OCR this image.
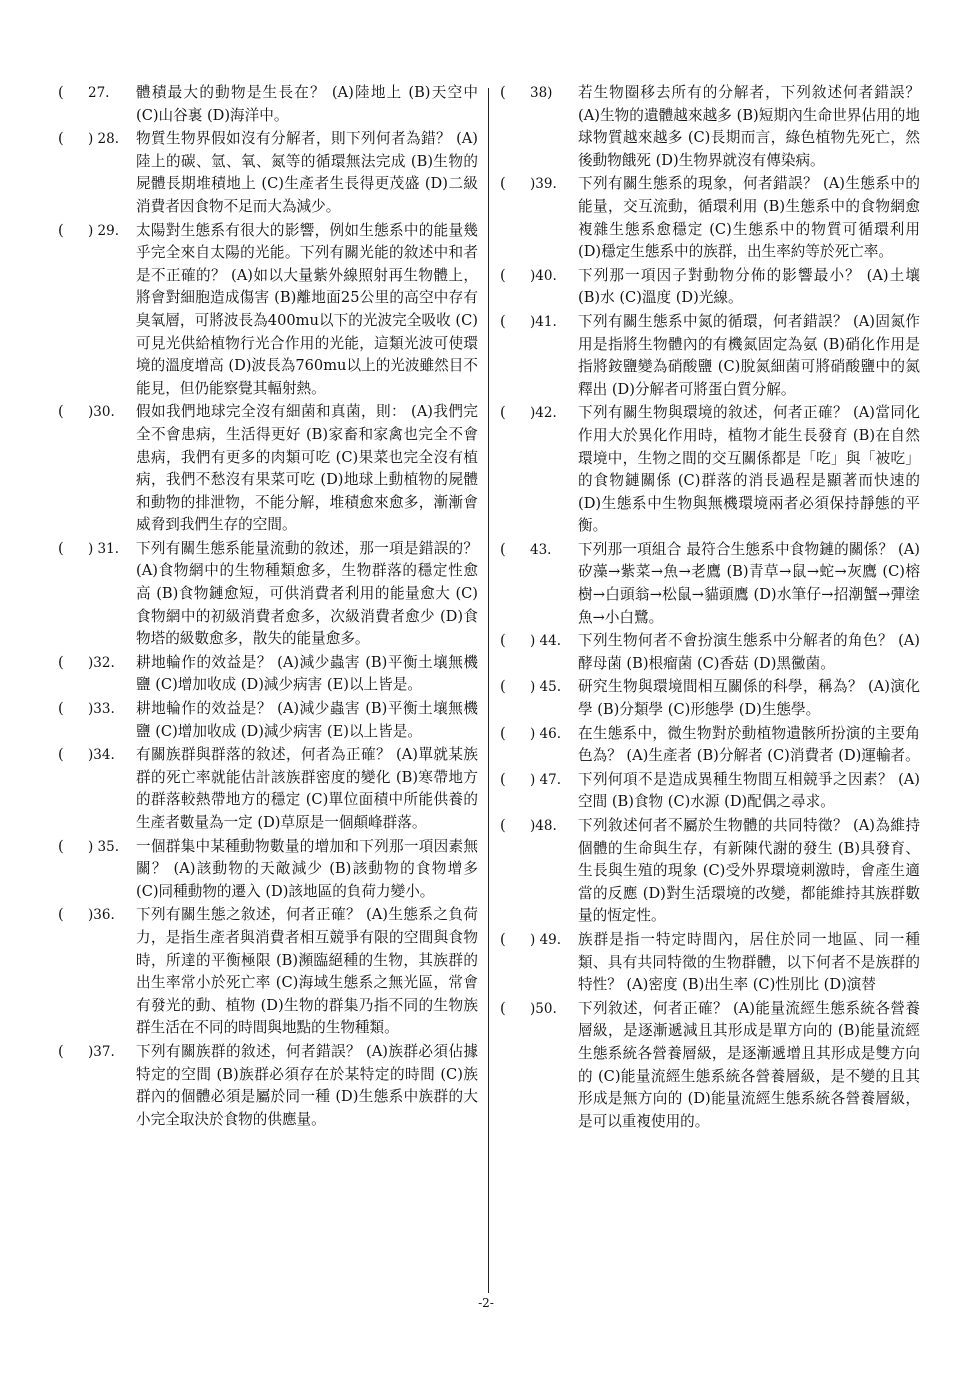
(	27. 體積最大的動物是生長在？ (A)陸地上 (B)天空中 (C)山谷裏 (D)海洋中。
(	) 28. 物質生物界假如沒有分解者，則下列何者為錯？ (A)陸上的碳、氫、氧、氮等的循環無法完成 (B)生物的屍體長期堆積地上 (C)生產者生長得更茂盛 (D)二級消費者因食物不足而大為減少。
(	) 29. 太陽對生態系有很大的影響，例如生態系中的能量幾乎完全來自太陽的光能。下列有關光能的敘述中和者是不正確的？ (A)如以大量紫外線照射再生物體上，將會對細胞造成傷害 (B)離地面25公里的高空中存有臭氧層，可將波長為400mu以下的光波完全吸收 (C)可見光供給植物行光合作用的光能，這類光波可使環境的溫度增高 (D)波長為760mu以上的光波雖然目不能見，但仍能察覺其輻射熱。
(	)30. 假如我們地球完全沒有細菌和真菌，則： (A)我們完全不會患病，生活得更好 (B)家畜和家禽也完全不會患病，我們有更多的肉類可吃 (C)果菜也完全沒有植病，我們不愁沒有果菜可吃 (D)地球上動植物的屍體和動物的排泄物，不能分解，堆積愈來愈多，漸漸會威脅到我們生存的空間。
(	) 31. 下列有關生態系能量流動的敘述，那一項是錯誤的？ (A)食物網中的生物種類愈多，生物群落的穩定性愈高 (B)食物鏈愈短，可供消費者利用的能量愈大 (C)食物網中的初級消費者愈多，次級消費者愈少 (D)食物塔的級數愈多，散失的能量愈多。
(	)32. 耕地輪作的效益是？ (A)減少蟲害 (B)平衡土壤無機鹽 (C)增加收成 (D)減少病害 (E)以上皆是。
(	)33. 耕地輪作的效益是？ (A)減少蟲害 (B)平衡土壤無機鹽 (C)增加收成 (D)減少病害 (E)以上皆是。
(	)34. 有關族群與群落的敘述，何者為正確？ (A)單就某族群的死亡率就能估計該族群密度的變化 (B)寒帶地方的群落較熱帶地方的穩定 (C)單位面積中所能供養的生產者數量為一定 (D)草原是一個顛峰群落。
(	) 35. 一個群集中某種動物數量的增加和下列那一項因素無關？ (A)該動物的天敵減少 (B)該動物的食物增多 (C)同種動物的遷入 (D)該地區的負荷力變小。
(	)36. 下列有關生態之敘述，何者正確？ (A)生態系之負荷力，是指生產者與消費者相互競爭有限的空間與食物時，所達的平衡極限 (B)瀕臨絕種的生物，其族群的出生率常小於死亡率 (C)海域生態系之無光區，常會有發光的動、植物 (D)生物的群集乃指不同的生物族群生活在不同的時間與地點的生物種類。
(	)37. 下列有關族群的敘述，何者錯誤？ (A)族群必須佔據特定的空間 (B)族群必須存在於某特定的時間 (C)族群內的個體必須是屬於同一種 (D)生態系中族群的大小完全取決於食物的供應量。
(	38) 若生物圈移去所有的分解者，下列敘述何者錯誤？ (A)生物的遺體越來越多 (B)短期內生命世界佔用的地球物質越來越多 (C)長期而言，綠色植物先死亡，然後動物餓死 (D)生物界就沒有傳染病。
(	)39. 下列有關生態系的現象，何者錯誤？ (A)生態系中的能量，交互流動，循環利用 (B)生態系中的食物網愈複雜生態系愈穩定 (C)生態系中的物質可循環利用 (D)穩定生態系中的族群，出生率約等於死亡率。
(	)40. 下列那一項因子對動物分佈的影響最小？ (A)土壤 (B)水 (C)溫度 (D)光線。
(	)41. 下列有關生態系中氮的循環，何者錯誤？ (A)固氮作用是指將生物體內的有機氮固定為氨 (B)硝化作用是指將銨鹽變為硝酸鹽 (C)脫氮細菌可將硝酸鹽中的氮釋出 (D)分解者可將蛋白質分解。
(	)42. 下列有關生物與環境的敘述，何者正確？ (A)當同化作用大於異化作用時，植物才能生長發育 (B)在自然環境中，生物之間的交互關係都是「吃」與「被吃」的食物鏈關係 (C)群落的消長過程是顯著而快速的 (D)生態系中生物與無機環境兩者必須保持靜態的平衡。
(	43. 下列那一項組合 最符合生態系中食物鏈的關係？ (A)矽藻→紫菜→魚→老鷹 (B)青草→鼠→蛇→灰鷹 (C)榕樹→白頭翁→松鼠→貓頭鷹 (D)水筆仔→招潮蟹→彈塗魚→小白鷺。
(	) 44. 下列生物何者不會扮演生態系中分解者的角色？ (A)酵母菌 (B)根瘤菌 (C)香菇 (D)黑黴菌。
(	) 45. 研究生物與環境間相互關係的科學，稱為？ (A)演化學 (B)分類學 (C)形態學 (D)生態學。
(	) 46. 在生態系中，微生物對於動植物遺骸所扮演的主要角色為？ (A)生產者 (B)分解者 (C)消費者 (D)運輸者。
(	) 47. 下列何項不是造成異種生物間互相競爭之因素？ (A)空間 (B)食物 (C)水源 (D)配偶之尋求。
(	)48. 下列敘述何者不屬於生物體的共同特徵？ (A)為維持個體的生命與生存，有新陳代謝的發生 (B)具發育、生長與生殖的現象 (C)受外界環境刺激時，會產生適當的反應 (D)對生活環境的改變，都能維持其族群數量的恆定性。
(	) 49. 族群是指一特定時間內，居住於同一地區、同一種類、具有共同特徵的生物群體，以下何者不是族群的特性？ (A)密度 (B)出生率 (C)性別比 (D)演替
(	)50. 下列敘述，何者正確？ (A)能量流經生態系統各營養層級，是逐漸遞減且其形成是單方向的 (B)能量流經生態系統各營養層級，是逐漸遞增且其形成是雙方向的 (C)能量流經生態系統各營養層級，是不變的且其形成是無方向的 (D)能量流經生態系統各營養層級，是可以重複使用的。
-2-
